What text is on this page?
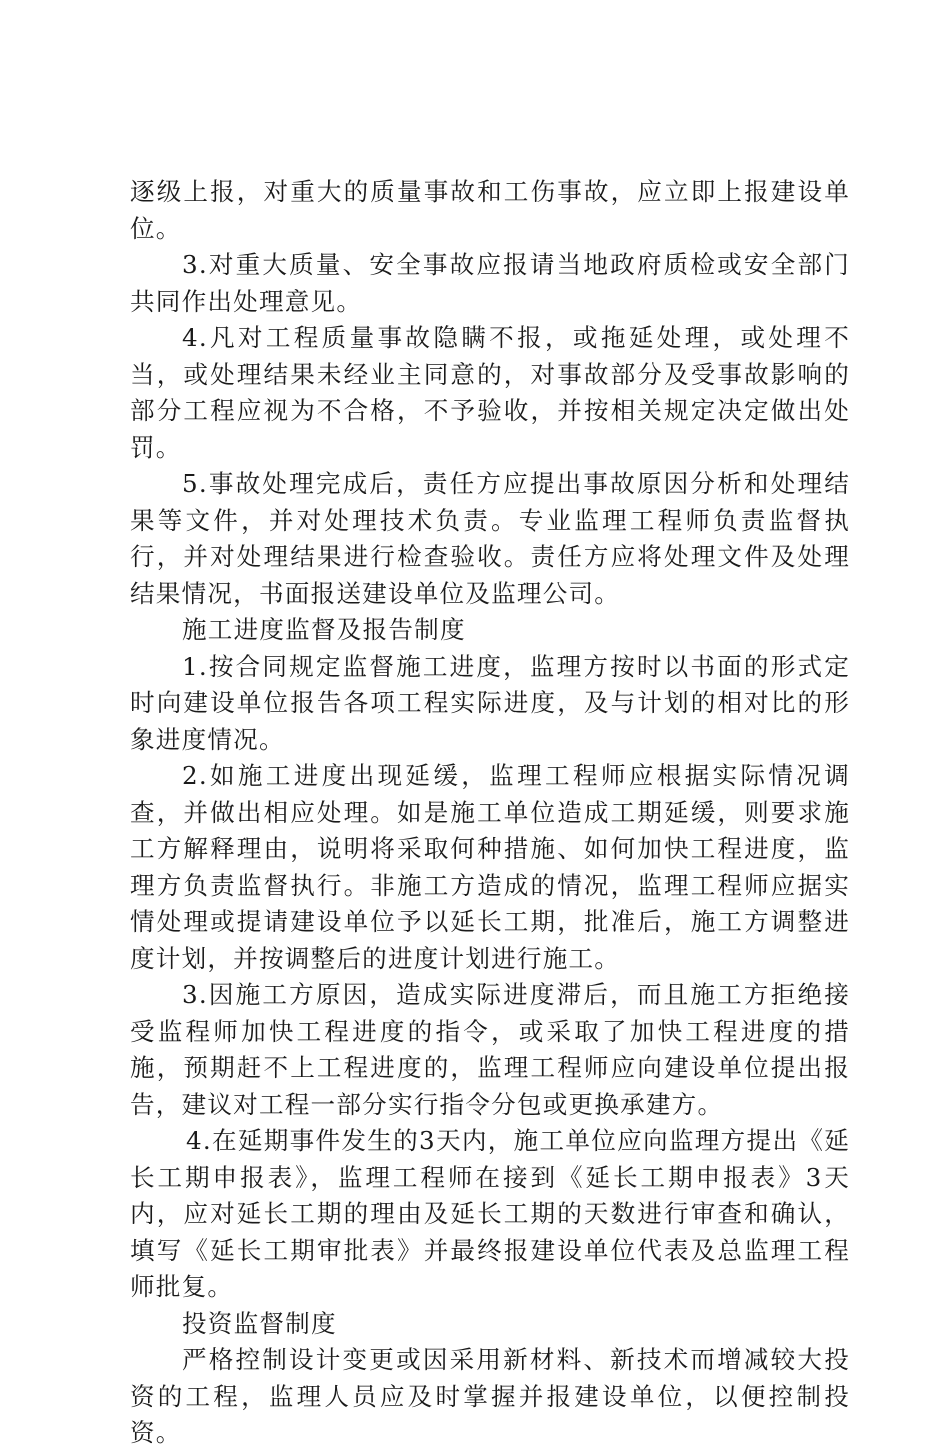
逐级上报，对重大的质量事故和工伤事故，应立即上报建设单位。

3.对重大质量、安全事故应报请当地政府质检或安全部门共同作出处理意见。

4.凡对工程质量事故隐瞒不报，或拖延处理，或处理不当，或处理结果未经业主同意的，对事故部分及受事故影响的部分工程应视为不合格，不予验收，并按相关规定决定做出处罚。

5.事故处理完成后，责任方应提出事故原因分析和处理结果等文件，并对处理技术负责。专业监理工程师负责监督执行，并对处理结果进行检查验收。责任方应将处理文件及处理结果情况，书面报送建设单位及监理公司。

施工进度监督及报告制度

1.按合同规定监督施工进度，监理方按时以书面的形式定时向建设单位报告各项工程实际进度，及与计划的相对比的形象进度情况。

2.如施工进度出现延缓，监理工程师应根据实际情况调查，并做出相应处理。如是施工单位造成工期延缓，则要求施工方解释理由，说明将采取何种措施、如何加快工程进度，监理方负责监督执行。非施工方造成的情况，监理工程师应据实情处理或提请建设单位予以延长工期，批准后，施工方调整进度计划，并按调整后的进度计划进行施工。

3.因施工方原因，造成实际进度滞后，而且施工方拒绝接受监程师加快工程进度的指令，或采取了加快工程进度的措施，预期赶不上工程进度的，监理工程师应向建设单位提出报告，建议对工程一部分实行指令分包或更换承建方。

4.在延期事件发生的3天内，施工单位应向监理方提出《延长工期申报表》，监理工程师在接到《延长工期申报表》3天内，应对延长工期的理由及延长工期的天数进行审查和确认，填写《延长工期审批表》并最终报建设单位代表及总监理工程师批复。

投资监督制度

严格控制设计变更或因采用新材料、新技术而增减较大投资的工程，监理人员应及时掌握并报建设单位，以便控制投资。
